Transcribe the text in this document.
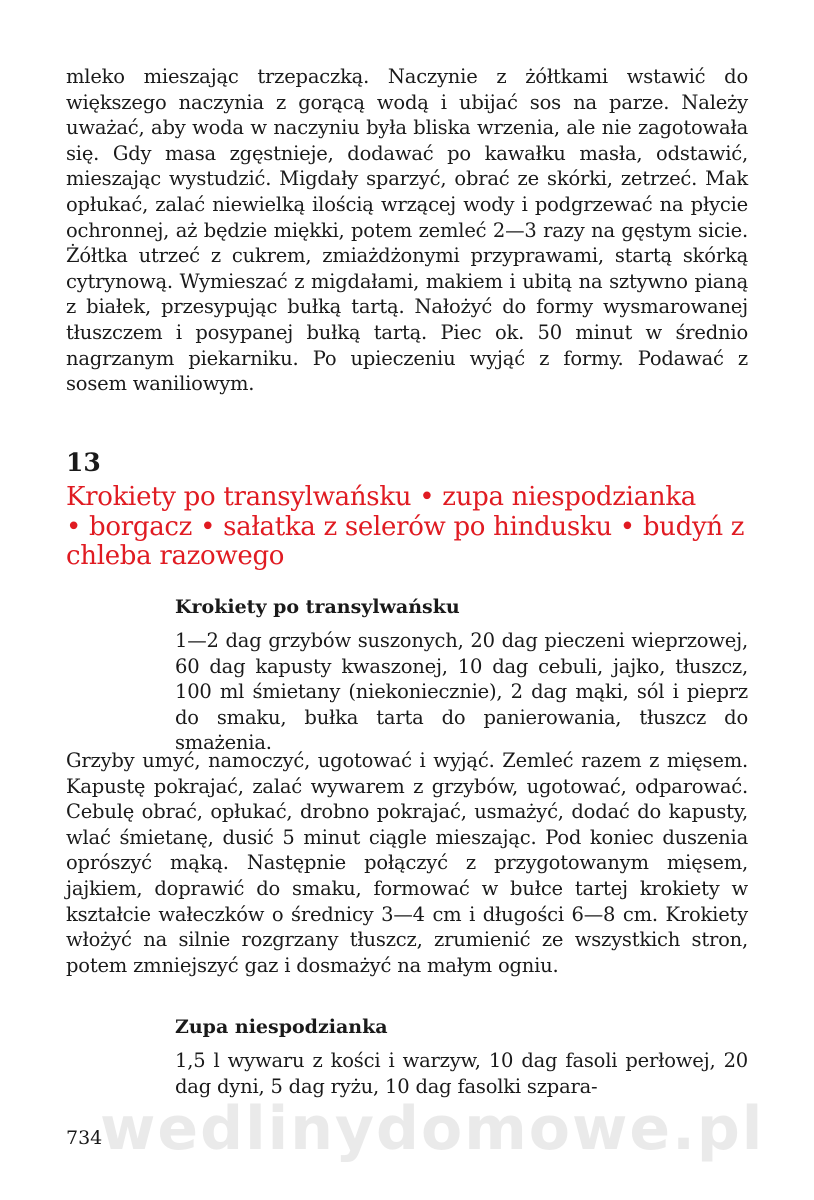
mleko mieszając trzepaczką. Naczynie z żółtkami wstawić do większego naczynia z gorącą wodą i ubijać sos na parze. Należy uważać, aby woda w naczyniu była bliska wrzenia, ale nie zagotowała się. Gdy masa zgęstnieje, dodawać po kawałku masła, odstawić, mieszając wystudzić. Migdały sparzyć, obrać ze skórki, zetrzeć. Mak opłukać, zalać niewielką ilością wrzącej wody i podgrzewać na płycie ochronnej, aż będzie miękki, potem zemleć 2—3 razy na gęstym sicie. Żółtka utrzeć z cukrem, zmiażdżonymi przyprawami, startą skórką cytrynową. Wymieszać z migdałami, makiem i ubitą na sztywno pianą z białek, przesypując bułką tartą. Nałożyć do formy wysmarowanej tłuszczem i posypanej bułką tartą. Piec ok. 50 minut w średnio nagrzanym piekarniku. Po upieczeniu wyjąć z formy. Podawać z sosem waniliowym.

13

Krokiety po transylwańsku • zupa niespodzianka
• borgacz • sałatka z selerów po hindusku • budyń z chleba razowego
Krokiety po transylwańsku

1—2 dag grzybów suszonych, 20 dag pieczeni wieprzowej, 60 dag kapusty kwaszonej, 10 dag cebuli, jajko, tłuszcz, 100 ml śmietany (niekoniecznie), 2 dag mąki, sól i pieprz do smaku, bułka tarta do panierowania, tłuszcz do smażenia.

Grzyby umyć, namoczyć, ugotować i wyjąć. Zemleć razem z mięsem. Kapustę pokrajać, zalać wywarem z grzybów, ugotować, odparować. Cebulę obrać, opłukać, drobno pokrajać, usmażyć, dodać do kapusty, wlać śmietanę, dusić 5 minut ciągle mieszając. Pod koniec duszenia oprószyć mąką. Następnie połączyć z przygotowanym mięsem, jajkiem, doprawić do smaku, formować w bułce tartej krokiety w kształcie wałeczków o średnicy 3—4 cm i długości 6—8 cm. Krokiety włożyć na silnie rozgrzany tłuszcz, zrumienić ze wszystkich stron, potem zmniejszyć gaz i dosmażyć na małym ogniu.

Zupa niespodzianka

1,5 l wywaru z kości i warzyw, 10 dag fasoli perłowej, 20 dag dyni, 5 dag ryżu, 10 dag fasolki szpara-

wedlinydomowe.pl

734
